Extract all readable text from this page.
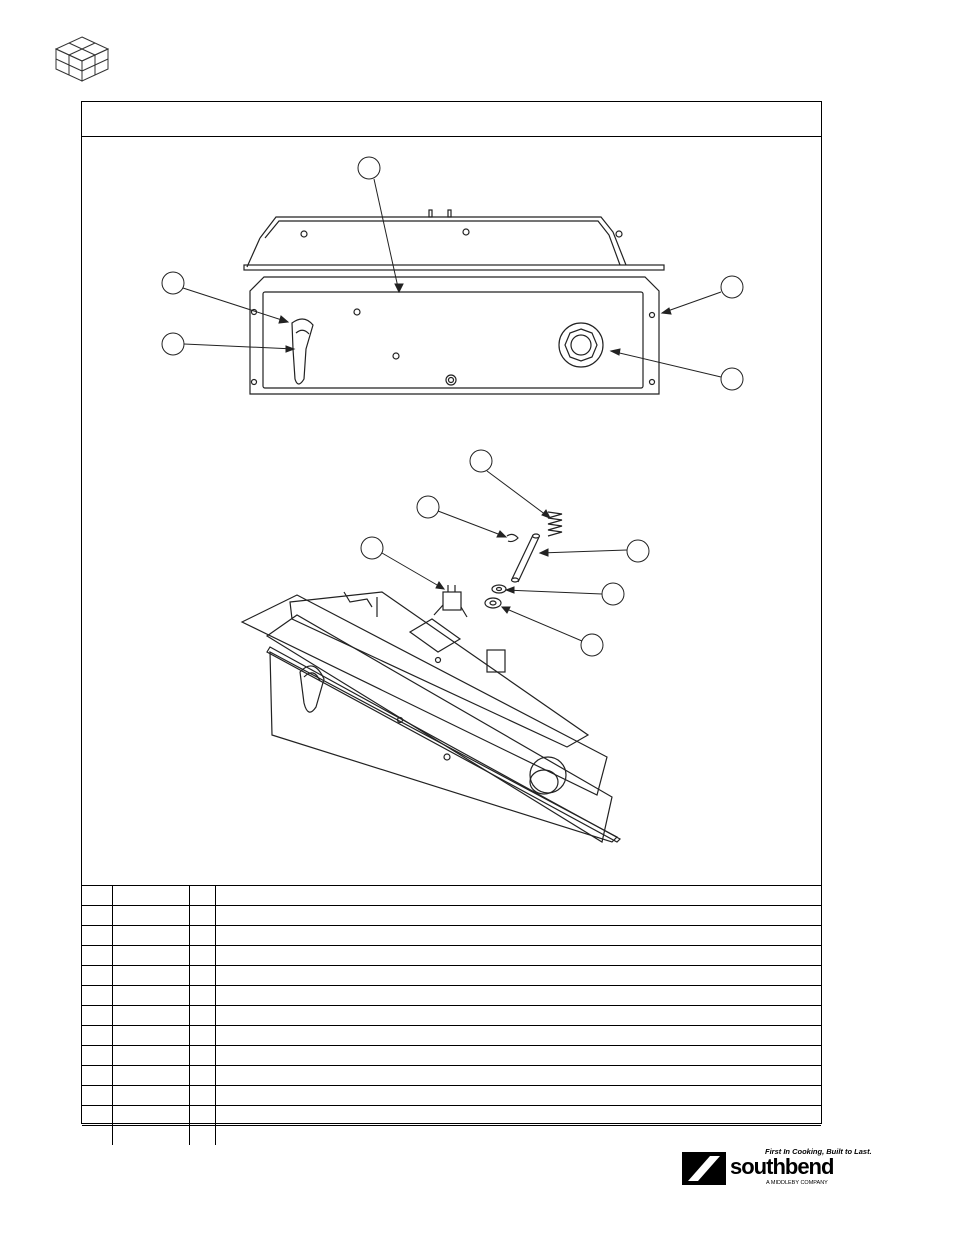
First In Cooking, Built to Last.
southbend
A MIDDLEBY COMPANY
